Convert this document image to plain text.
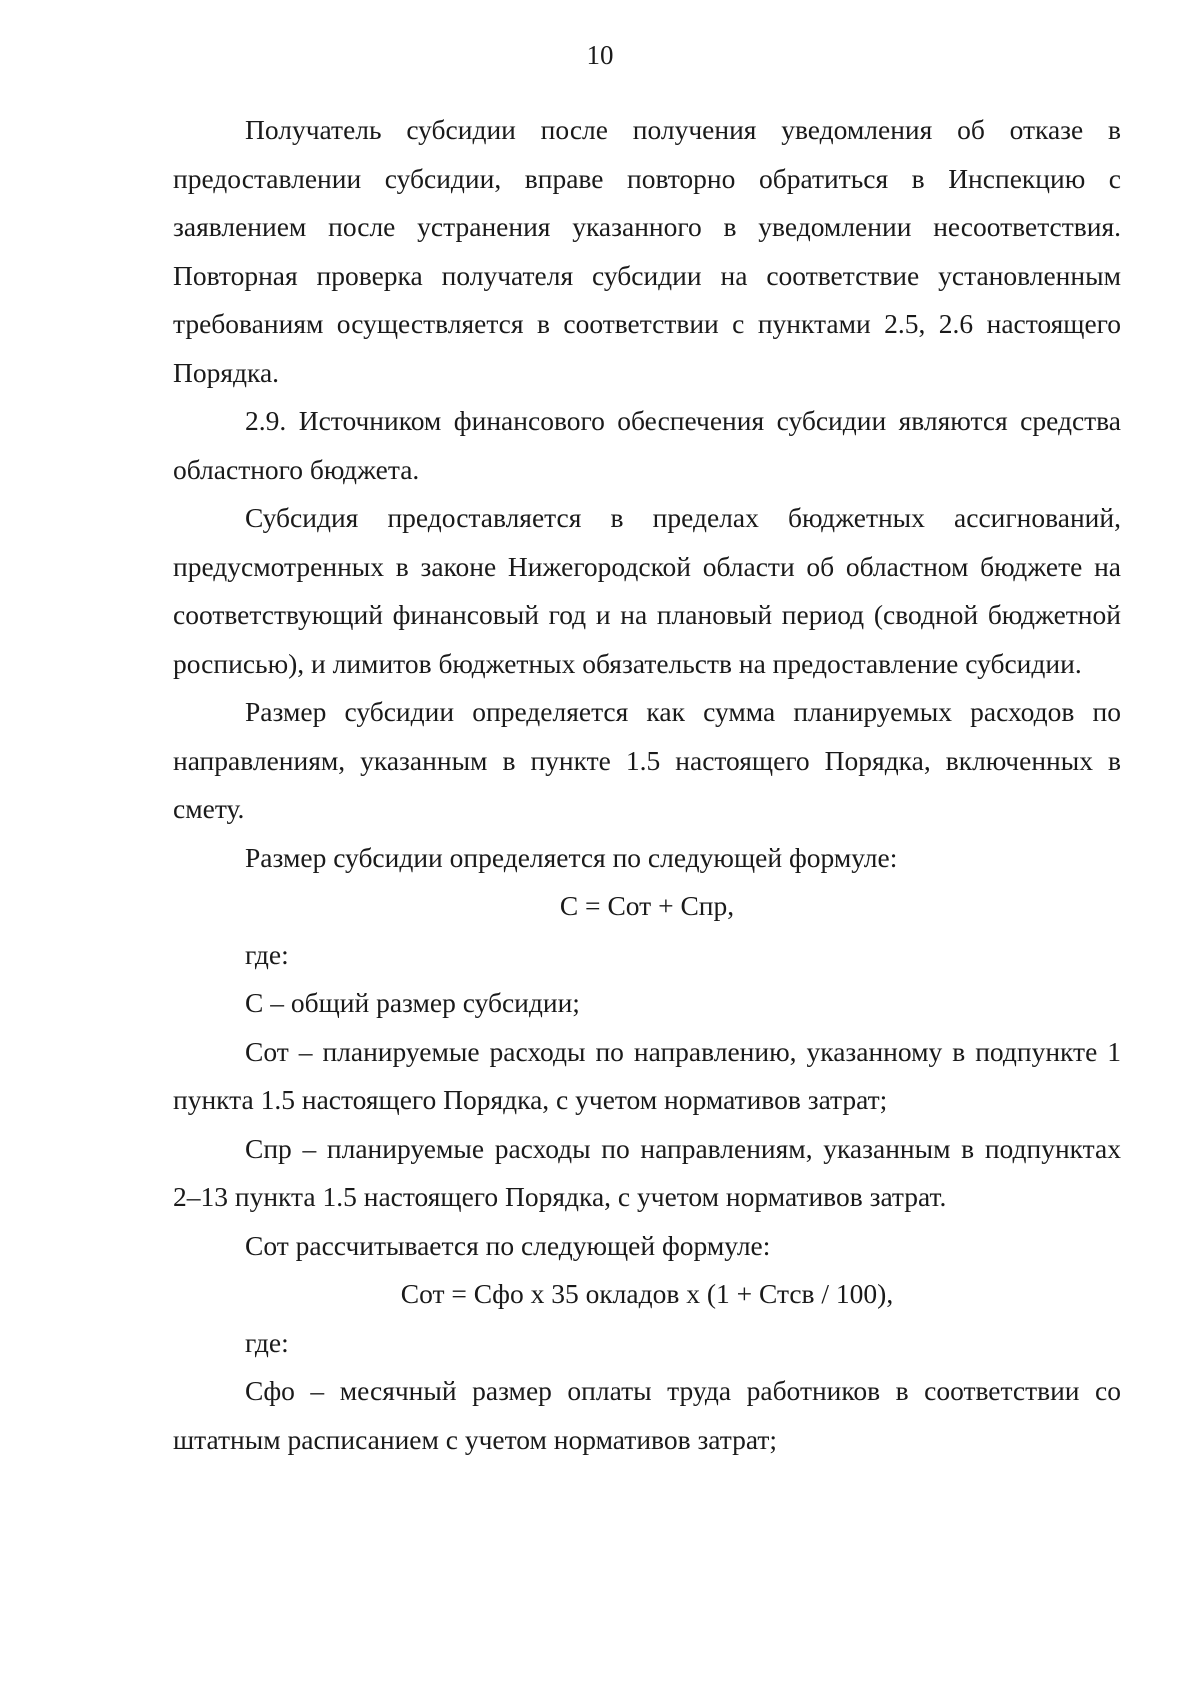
10

Получатель субсидии после получения уведомления об отказе в предоставлении субсидии, вправе повторно обратиться в Инспекцию с заявлением после устранения указанного в уведомлении несоответствия. Повторная проверка получателя субсидии на соответствие установленным требованиям осуществляется в соответствии с пунктами 2.5, 2.6 настоящего Порядка.

2.9. Источником финансового обеспечения субсидии являются средства областного бюджета.

Субсидия предоставляется в пределах бюджетных ассигнований, предусмотренных в законе Нижегородской области об областном бюджете на соответствующий финансовый год и на плановый период (сводной бюджетной росписью), и лимитов бюджетных обязательств на предоставление субсидии.

Размер субсидии определяется как сумма планируемых расходов по направлениям, указанным в пункте 1.5 настоящего Порядка, включенных в смету.

Размер субсидии определяется по следующей формуле:

С = Сот + Спр,

где:

С – общий размер субсидии;

Сот – планируемые расходы по направлению, указанному в подпункте 1 пункта 1.5 настоящего Порядка, с учетом нормативов затрат;

Спр – планируемые расходы по направлениям, указанным в подпунктах 2–13 пункта 1.5 настоящего Порядка, с учетом нормативов затрат.

Сот рассчитывается по следующей формуле:

Сот = Сфо х 35 окладов х (1 + Стсв / 100),

где:

Сфо – месячный размер оплаты труда работников в соответствии со штатным расписанием с учетом нормативов затрат;
